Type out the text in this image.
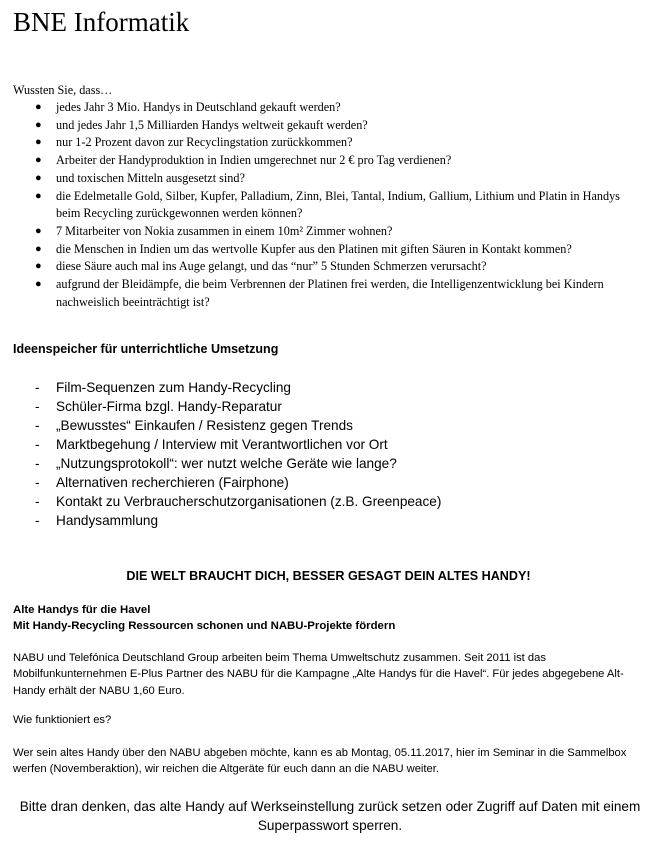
BNE Informatik
Wussten Sie, dass…
● jedes Jahr 3 Mio. Handys in Deutschland gekauft werden?
● und jedes Jahr 1,5 Milliarden Handys weltweit gekauft werden?
● nur 1-2 Prozent davon zur Recyclingstation zurückkommen?
● Arbeiter der Handyproduktion in Indien umgerechnet nur 2 € pro Tag verdienen?
● und toxischen Mitteln ausgesetzt sind?
● die Edelmetalle Gold, Silber, Kupfer, Palladium, Zinn, Blei, Tantal, Indium, Gallium, Lithium und Platin in Handys beim Recycling zurückgewonnen werden können?
● 7 Mitarbeiter von Nokia zusammen in einem 10m² Zimmer wohnen?
● die Menschen in Indien um das wertvolle Kupfer aus den Platinen mit giften Säuren in Kontakt kommen?
● diese Säure auch mal ins Auge gelangt, und das “nur” 5 Stunden Schmerzen verursacht?
● aufgrund der Bleidämpfe, die beim Verbrennen der Platinen frei werden, die Intelligenzentwicklung bei Kindern nachweislich beeinträchtigt ist?
Ideenspeicher für unterrichtliche Umsetzung
- Film-Sequenzen zum Handy-Recycling
- Schüler-Firma bzgl. Handy-Reparatur
- „Bewusstes“ Einkaufen / Resistenz gegen Trends
- Marktbegehung / Interview mit Verantwortlichen vor Ort
- „Nutzungsprotokoll“: wer nutzt welche Geräte wie lange?
- Alternativen recherchieren (Fairphone)
- Kontakt zu Verbraucherschutzorganisationen (z.B. Greenpeace)
- Handysammlung
DIE WELT BRAUCHT DICH, BESSER GESAGT DEIN ALTES HANDY!
Alte Handys für die Havel
Mit Handy-Recycling Ressourcen schonen und NABU-Projekte fördern
NABU und Telefónica Deutschland Group arbeiten beim Thema Umweltschutz zusammen. Seit 2011 ist das Mobilfunkunternehmen E-Plus Partner des NABU für die Kampagne „Alte Handys für die Havel“. Für jedes abgegebene Alt-Handy erhält der NABU 1,60 Euro.
Wie funktioniert es?
Wer sein altes Handy über den NABU abgeben möchte, kann es ab Montag, 05.11.2017, hier im Seminar in die Sammelbox werfen (Novemberaktion), wir reichen die Altgeräte für euch dann an die NABU weiter.
Bitte dran denken, das alte Handy auf Werkseinstellung zurück setzen oder Zugriff auf Daten mit einem Superpasswort sperren.
